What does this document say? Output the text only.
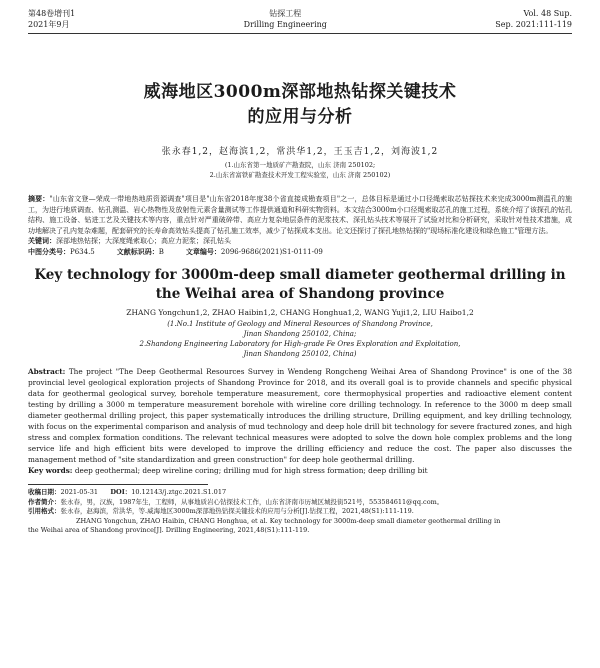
第48卷增刊1
2021年9月
钻探工程
Drilling Engineering
Vol. 48 Sup.
Sep. 2021:111-119
威海地区3000m深部地热钻探关键技术
的应用与分析
张永春1,2，赵海滨1,2，常洪华1,2，王玉吉1,2，刘海波1,2
(1.山东省第一地质矿产勘查院，山东 济南 250102;
2.山东省富铁矿勘查技术开发工程实验室，山东 济南 250102)
摘要："山东省文登—荣成一带地热地质资源调查"项目是"山东省2018年度38个省直接成勘查项目"之一，总体目标是通过小口径绳索取芯钻探技术来完成3000m测温孔的施工，为进行地质调查、钻孔测温、岩心热物性及放射性元素含量测试等工作提供通道和科研实物资料。本文结合3000m小口径绳索取芯孔的施工过程，系统介绍了该探孔的钻孔结构、施工设备、钻进工艺及关键技术等内容，重点针对严重破碎带、高应力复杂地层条件的泥浆技术、深孔钻头技术等展开了试验对比和分析研究，采取针对性技术措施，成功地解决了孔内复杂难题，配套研究的长寿命高效钻头提高了钻孔施工效率，减少了钻探成本支出。论文还探讨了探孔地热钻探的"现场标准化建设和绿色施工"管理方法。
关键词：深部地热钻探；大深度绳索取心；高应力泥浆；深孔钻头
中图分类号：P634.5	文献标识码：B	文章编号：2096-9686(2021)S1-0111-09
Key technology for 3000m-deep small diameter geothermal drilling in
the Weihai area of Shandong province
ZHANG Yongchun1,2, ZHAO Haibin1,2, CHANG Honghua1,2, WANG Yuji1,2, LIU Haibo1,2
(1.No.1 Institute of Geology and Mineral Resources of Shandong Province,
Jinan Shandong 250102, China;
2.Shandong Engineering Laboratory for High-grade Fe Ores Exploration and Exploitation,
Jinan Shandong 250102, China)
Abstract: The project "The Deep Geothermal Resources Survey in Wendeng Rongcheng Weihai Area of Shandong Province" is one of the 38 provincial level geological exploration projects of Shandong Province for 2018, and its overall goal is to provide channels and specific physical data for geothermal geological survey, borehole temperature measurement, core thermophysical properties and radioactive element content testing by drilling a 3000 m temperature measurement borehole with wireline core drilling technology. In reference to the 3000 m deep small diameter geothermal drilling project, this paper systematically introduces the drilling structure, Drilling equipment, and key drilling technology, with focus on the experimental comparison and analysis of mud technology and deep hole drill bit technology for severe fractured zones, and high stress and complex formation conditions. The relevant technical measures were adopted to solve the down hole complex problems and the long service life and high efficient bits were developed to improve the drilling efficiency and reduce the cost. The paper also discusses the management method of "site standardization and green construction" for deep hole geothermal drilling.
Key words: deep geothermal; deep wireline coring; drilling mud for high stress formation; deep drilling bit
收稿日期：2021-05-31 DOI：10.12143/j.ztgc.2021.S1.017
作者简介：张永春，男，汉族，1987年生，工程师，从事地质岩心钻探技术工作，山东省济南市历城区城投街521号，553584611@qq.com。
引用格式：张永春，赵海滨，常洪华，等.威海地区3000m深部地热钻探关键技术的应用与分析[J].钻探工程，2021,48(S1):111-119.
ZHANG Yongchun, ZHAO Haibin, CHANG Honghua, et al. Key technology for 3000m-deep small diameter geothermal drilling in
the Weihai area of Shandong province[J]. Drilling Engineering, 2021,48(S1):111-119.
